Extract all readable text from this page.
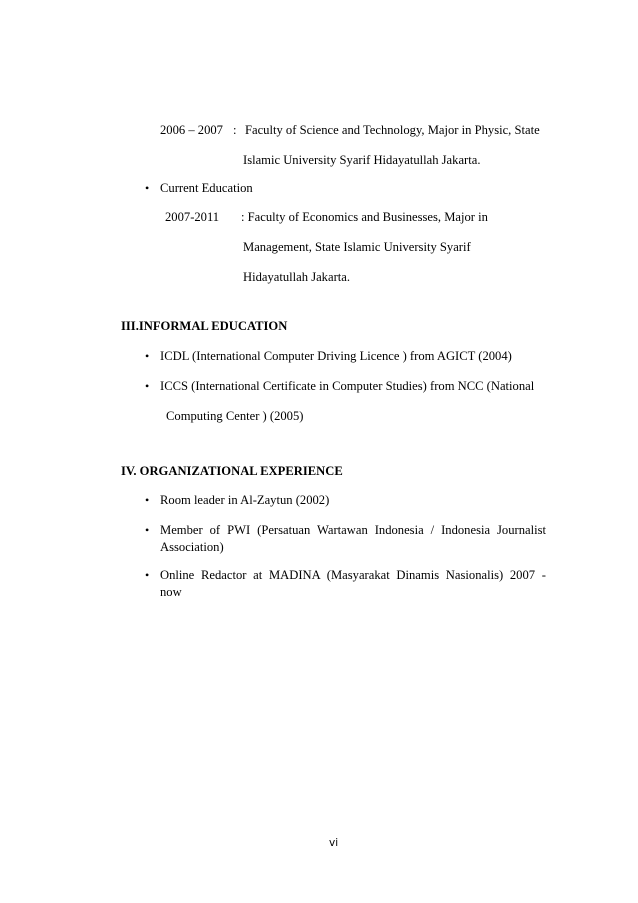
2006 – 2007 : Faculty of Science and Technology, Major in Physic, State
Islamic University Syarif Hidayatullah Jakarta.
• Current Education
2007-2011 : Faculty of Economics and Businesses, Major in
Management, State Islamic University Syarif
Hidayatullah Jakarta.
III.INFORMAL EDUCATION
• ICDL (International Computer Driving Licence ) from AGICT (2004)
• ICCS (International Certificate in Computer Studies) from NCC (National
Computing Center ) (2005)
IV. ORGANIZATIONAL EXPERIENCE
• Room leader in Al-Zaytun (2002)
• Member of PWI (Persatuan Wartawan Indonesia / Indonesia Journalist
Association)
• Online Redactor at MADINA (Masyarakat Dinamis Nasionalis) 2007 -
now
vi
